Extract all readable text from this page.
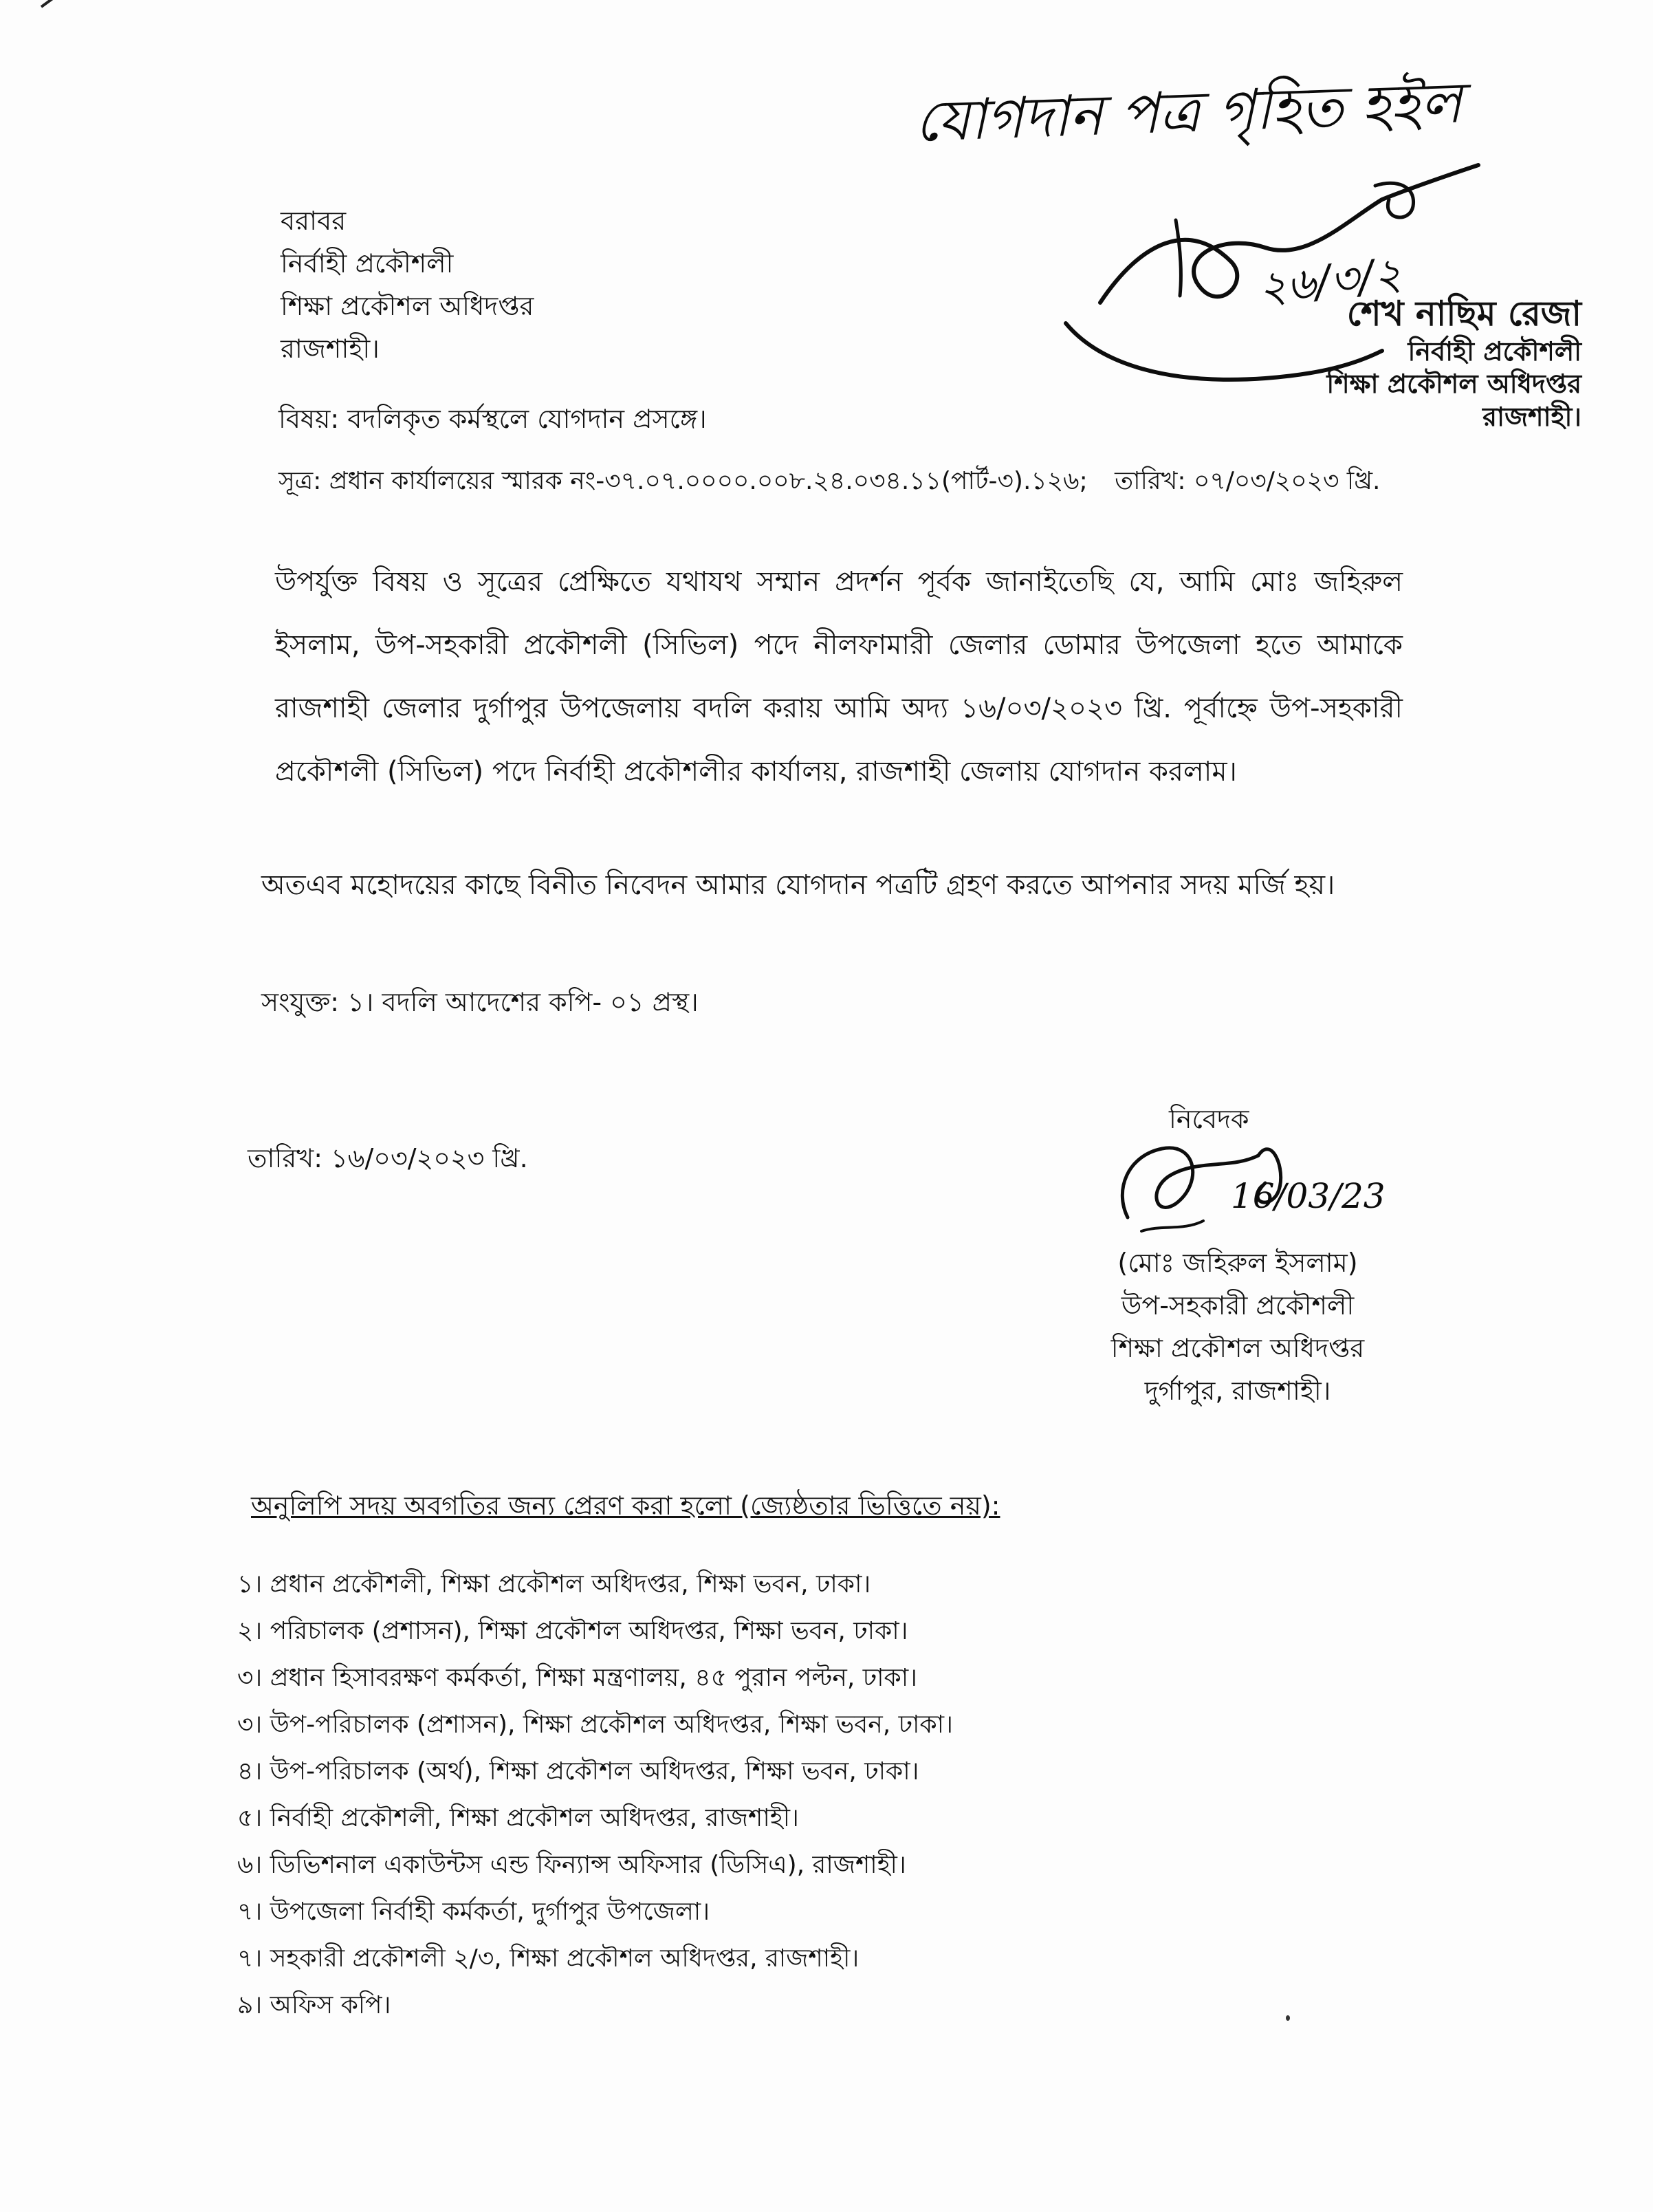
যোগদান পত্র গৃহিত হইল
২৬/৩/২
শেখ নাছিম রেজা
নির্বাহী প্রকৌশলী
শিক্ষা প্রকৌশল অধিদপ্তর
রাজশাহী।
বরাবর
নির্বাহী প্রকৌশলী
শিক্ষা প্রকৌশল অধিদপ্তর
রাজশাহী।
বিষয়: বদলিকৃত কর্মস্থলে যোগদান প্রসঙ্গে।
সূত্র: প্রধান কার্যালয়ের স্মারক নং-৩৭.০৭.০০০০.০০৮.২৪.০৩৪.১১(পার্ট-৩).১২৬; তারিখ: ০৭/০৩/২০২৩ খ্রি.
উপর্যুক্ত বিষয় ও সূত্রের প্রেক্ষিতে যথাযথ সম্মান প্রদর্শন পূর্বক জানাইতেছি যে, আমি মোঃ জহিরুল ইসলাম, উপ-সহকারী প্রকৌশলী (সিভিল) পদে নীলফামারী জেলার ডোমার উপজেলা হতে আমাকে রাজশাহী জেলার দুর্গাপুর উপজেলায় বদলি করায় আমি অদ্য ১৬/০৩/২০২৩ খ্রি. পূর্বাহ্নে উপ-সহকারী প্রকৌশলী (সিভিল) পদে নির্বাহী প্রকৌশলীর কার্যালয়, রাজশাহী জেলায় যোগদান করলাম।
অতএব মহোদয়ের কাছে বিনীত নিবেদন আমার যোগদান পত্রটি গ্রহণ করতে আপনার সদয় মর্জি হয়।
সংযুক্ত: ১। বদলি আদেশের কপি- ০১ প্রস্থ।
তারিখ: ১৬/০৩/২০২৩ খ্রি.
নিবেদক
16/03/23
(মোঃ জহিরুল ইসলাম)
উপ-সহকারী প্রকৌশলী
শিক্ষা প্রকৌশল অধিদপ্তর
দুর্গাপুর, রাজশাহী।
অনুলিপি সদয় অবগতির জন্য প্রেরণ করা হলো (জ্যেষ্ঠতার ভিত্তিতে নয়):
১। প্রধান প্রকৌশলী, শিক্ষা প্রকৌশল অধিদপ্তর, শিক্ষা ভবন, ঢাকা।
২। পরিচালক (প্রশাসন), শিক্ষা প্রকৌশল অধিদপ্তর, শিক্ষা ভবন, ঢাকা।
৩। প্রধান হিসাবরক্ষণ কর্মকর্তা, শিক্ষা মন্ত্রণালয়, ৪৫ পুরান পল্টন, ঢাকা।
৩। উপ-পরিচালক (প্রশাসন), শিক্ষা প্রকৌশল অধিদপ্তর, শিক্ষা ভবন, ঢাকা।
৪। উপ-পরিচালক (অর্থ), শিক্ষা প্রকৌশল অধিদপ্তর, শিক্ষা ভবন, ঢাকা।
৫। নির্বাহী প্রকৌশলী, শিক্ষা প্রকৌশল অধিদপ্তর, রাজশাহী।
৬। ডিভিশনাল একাউন্টস এন্ড ফিন্যান্স অফিসার (ডিসিএ), রাজশাহী।
৭। উপজেলা নির্বাহী কর্মকর্তা, দুর্গাপুর উপজেলা।
৭। সহকারী প্রকৌশলী ২/৩, শিক্ষা প্রকৌশল অধিদপ্তর, রাজশাহী।
৯। অফিস কপি।
